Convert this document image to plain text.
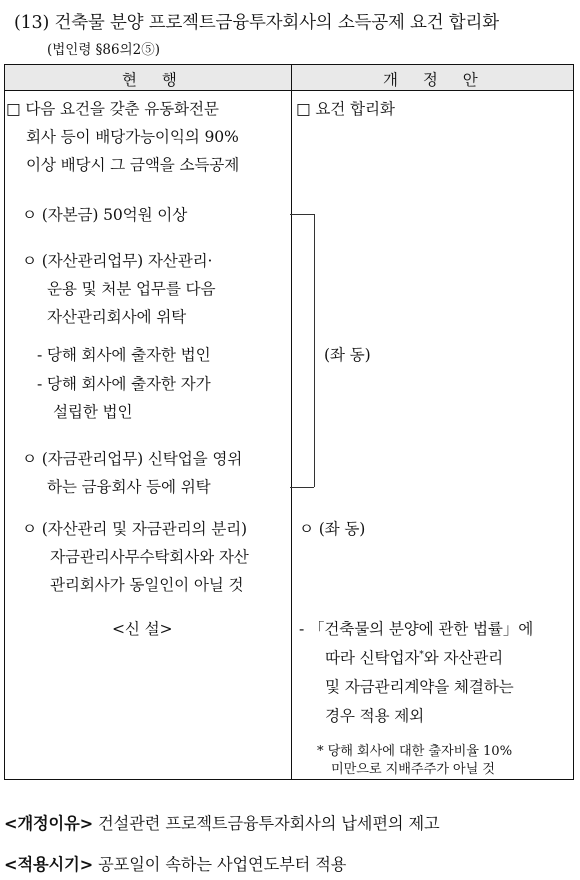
(13) 건축물 분양 프로젝트금융투자회사의 소득공제 요건 합리화
(법인령 §86의2⑤)
현 행	개 정 안
□ 다음 요건을 갖춘 유동화전문
회사 등이 배당가능이익의 90%
이상 배당시 그 금액을 소득공제
ㅇ (자본금) 50억원 이상
ㅇ (자산관리업무) 자산관리·
운용 및 처분 업무를 다음
자산관리회사에 위탁
- 당해 회사에 출자한 법인
- 당해 회사에 출자한 자가
설립한 법인
ㅇ (자금관리업무) 신탁업을 영위
하는 금융회사 등에 위탁
ㅇ (자산관리 및 자금관리의 분리)
자금관리사무수탁회사와 자산
관리회사가 동일인이 아닐 것
<신 설>
□ 요건 합리화
(좌 동)
ㅇ (좌 동)
- 「건축물의 분양에 관한 법률」에
따라 신탁업자*와 자산관리
및 자금관리계약을 체결하는
경우 적용 제외
* 당해 회사에 대한 출자비율 10%
미만으로 지배주주가 아닐 것
<개정이유> 건설관련 프로젝트금융투자회사의 납세편의 제고
<적용시기> 공포일이 속하는 사업연도부터 적용
